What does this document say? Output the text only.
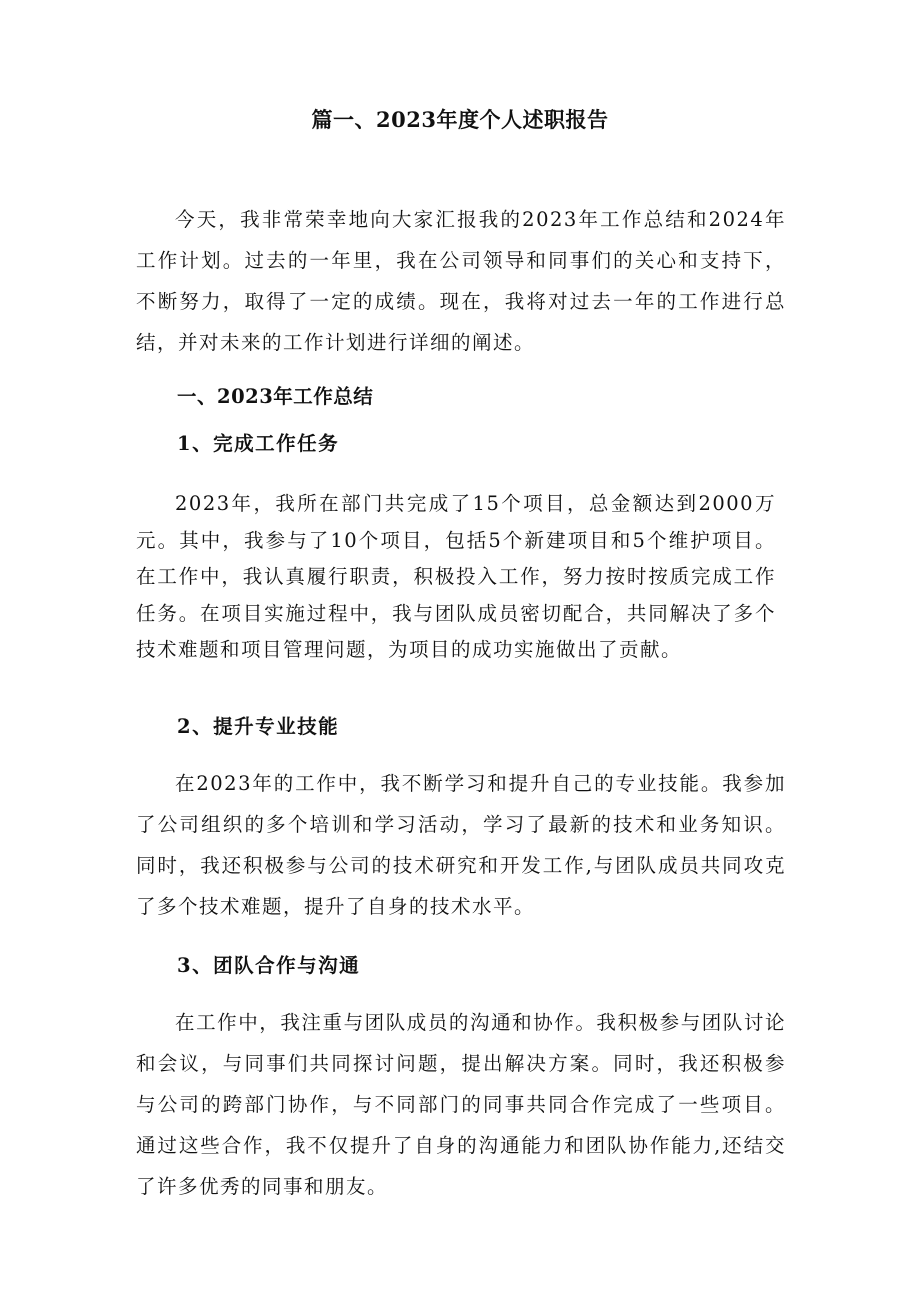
篇一、2023年度个人述职报告

今天，我非常荣幸地向大家汇报我的2023年工作总结和2024年工作计划。过去的一年里，我在公司领导和同事们的关心和支持下，不断努力，取得了一定的成绩。现在，我将对过去一年的工作进行总结，并对未来的工作计划进行详细的阐述。

一、2023年工作总结
1、完成工作任务

2023年，我所在部门共完成了15个项目，总金额达到2000万元。其中，我参与了10个项目，包括5个新建项目和5个维护项目。在工作中，我认真履行职责，积极投入工作，努力按时按质完成工作任务。在项目实施过程中，我与团队成员密切配合，共同解决了多个技术难题和项目管理问题，为项目的成功实施做出了贡献。

2、提升专业技能

在2023年的工作中，我不断学习和提升自己的专业技能。我参加了公司组织的多个培训和学习活动，学习了最新的技术和业务知识。同时，我还积极参与公司的技术研究和开发工作,与团队成员共同攻克了多个技术难题，提升了自身的技术水平。

3、团队合作与沟通

在工作中，我注重与团队成员的沟通和协作。我积极参与团队讨论和会议，与同事们共同探讨问题，提出解决方案。同时，我还积极参与公司的跨部门协作，与不同部门的同事共同合作完成了一些项目。通过这些合作，我不仅提升了自身的沟通能力和团队协作能力,还结交了许多优秀的同事和朋友。
